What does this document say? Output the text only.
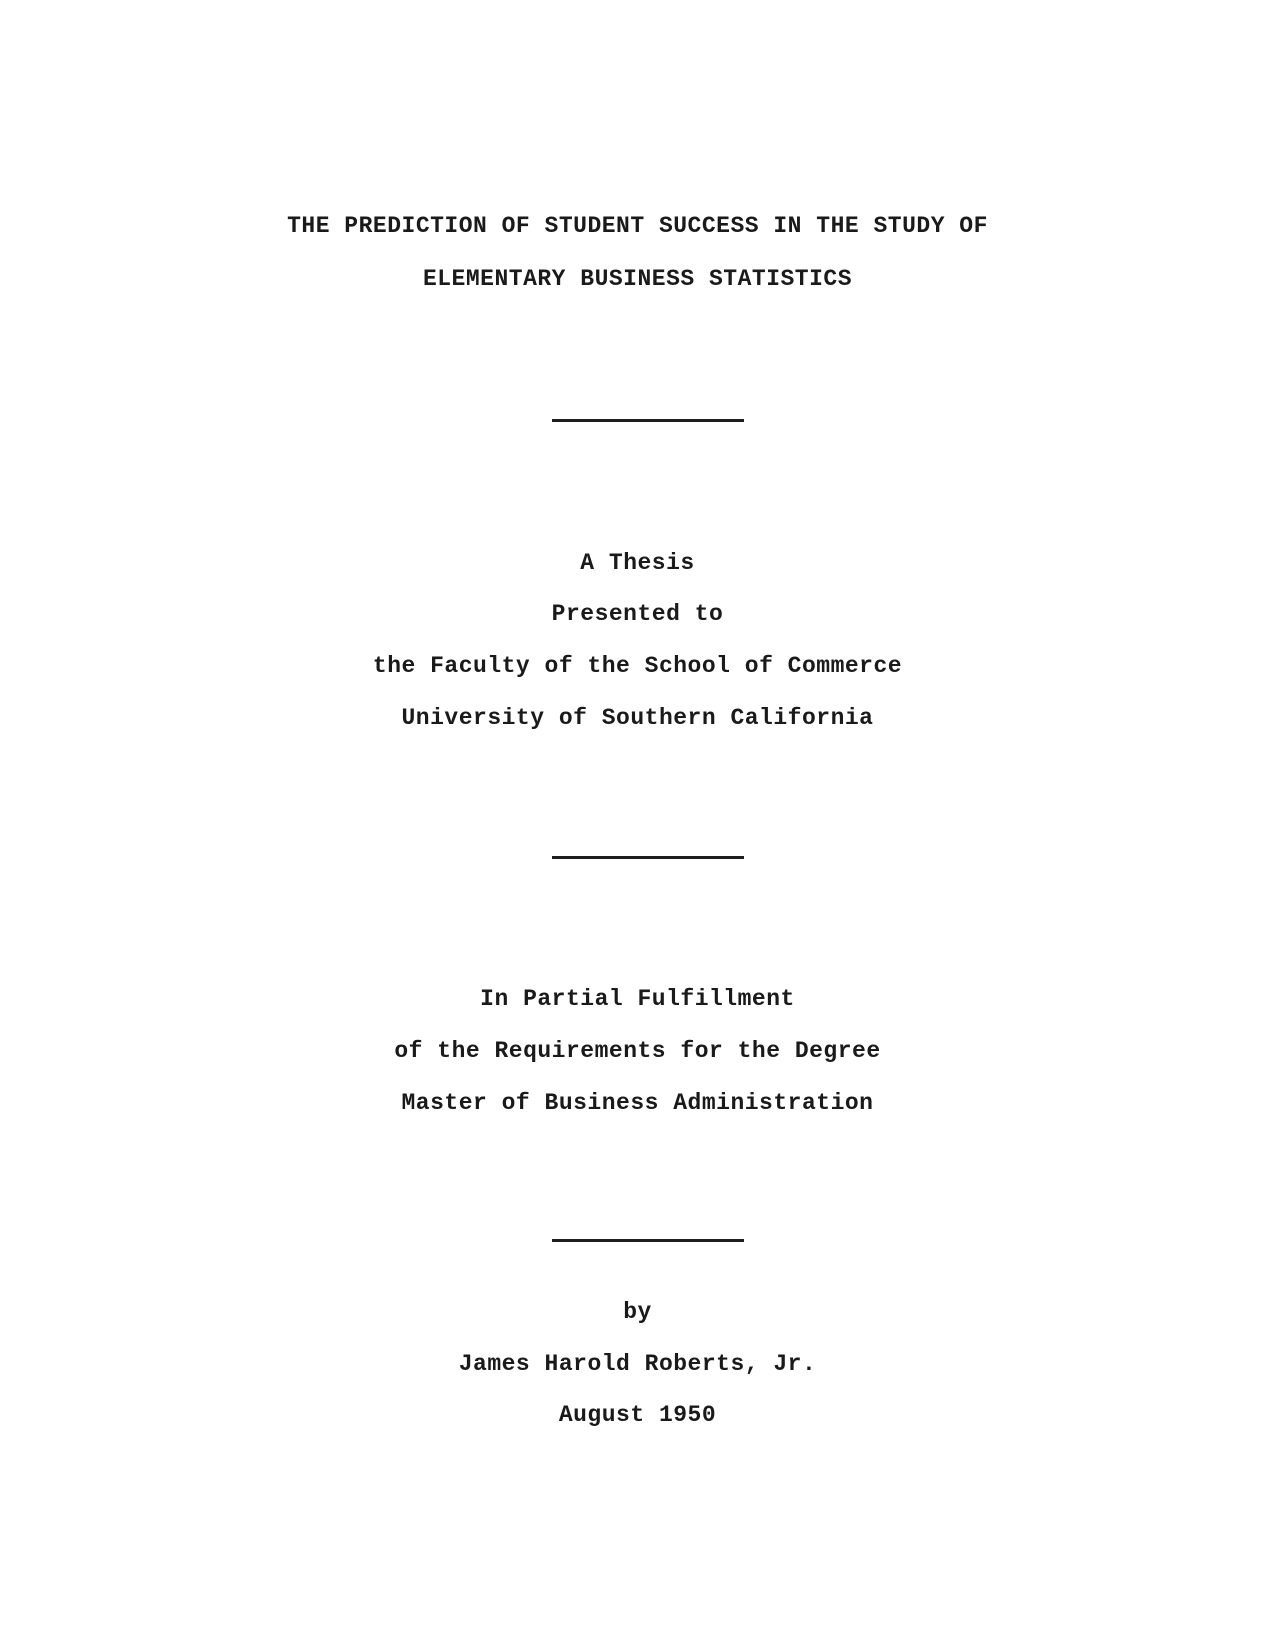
THE PREDICTION OF STUDENT SUCCESS IN THE STUDY OF
ELEMENTARY BUSINESS STATISTICS
A Thesis
Presented to
the Faculty of the School of Commerce
University of Southern California
In Partial Fulfillment
of the Requirements for the Degree
Master of Business Administration
by
James Harold Roberts, Jr.
August 1950
